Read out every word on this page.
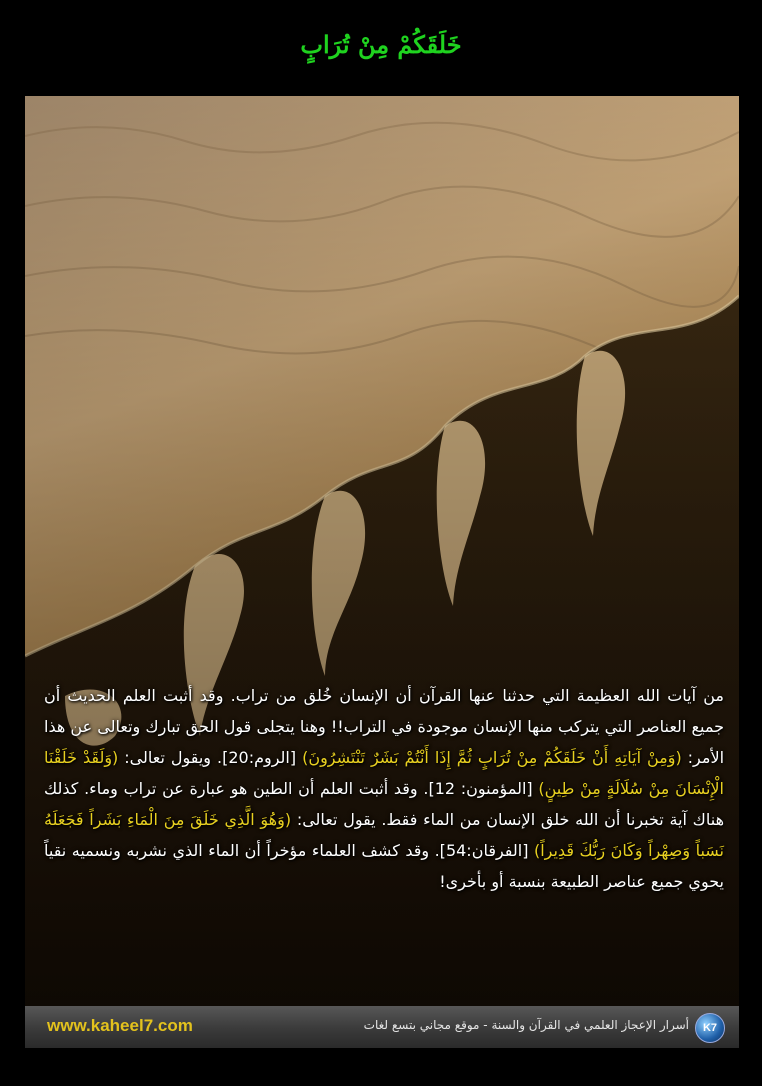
خَلَقَكُمْ مِنْ تُرَابٍ
من آيات الله العظيمة التي حدثنا عنها القرآن أن الإنسان خُلق من تراب. وقد أثبت العلم الحديث أن جميع العناصر التي يتركب منها الإنسان موجودة في التراب!! وهنا يتجلى قول الحق تبارك وتعالى عن هذا الأمر: (وَمِنْ آيَاتِهِ أَنْ خَلَقَكُمْ مِنْ تُرَابٍ ثُمَّ إِذَا أَنْتُمْ بَشَرٌ تَنْتَشِرُونَ) [الروم:20]. ويقول تعالى: (وَلَقَدْ خَلَقْنَا الْإِنْسَانَ مِنْ سُلَالَةٍ مِنْ طِينٍ) [المؤمنون: 12]. وقد أثبت العلم أن الطين هو عبارة عن تراب وماء. كذلك هناك آية تخبرنا أن الله خلق الإنسان من الماء فقط. يقول تعالى: (وَهُوَ الَّذِي خَلَقَ مِنَ الْمَاءِ بَشَراً فَجَعَلَهُ نَسَباً وَصِهْراً وَكَانَ رَبُّكَ قَدِيراً) [الفرقان:54]. وقد كشف العلماء مؤخراً أن الماء الذي نشربه ونسميه نقياً يحوي جميع عناصر الطبيعة بنسبة أو بأخرى!
www.kaheel7.com	أسرار الإعجاز العلمي في القرآن والسنة - موقع مجاني بتسع لغات	K7
